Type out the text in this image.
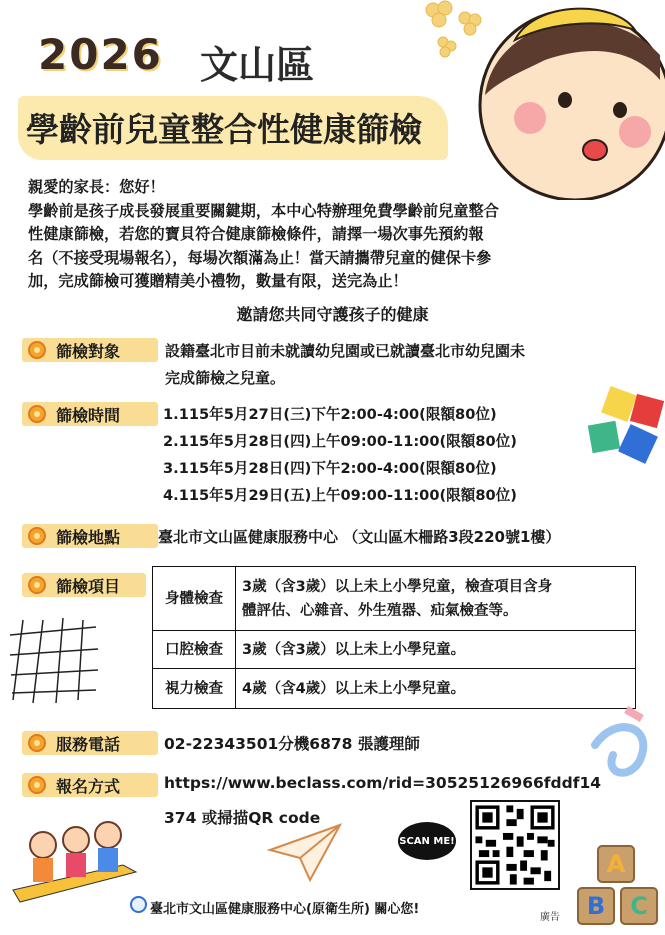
2026 文山區
學齡前兒童整合性健康篩檢
親愛的家長：您好！
學齡前是孩子成長發展重要關鍵期，本中心特辦理免費學齡前兒童整合
性健康篩檢，若您的寶貝符合健康篩檢條件，請擇一場次事先預約報
名（不接受現場報名），每場次額滿為止！當天請攜帶兒童的健保卡參
加，完成篩檢可獲贈精美小禮物，數量有限，送完為止！
邀請您共同守護孩子的健康
篩檢對象	設籍臺北市目前未就讀幼兒園或已就讀臺北市幼兒園未
完成篩檢之兒童。
篩檢時間	1.115年5月27日(三)下午2:00-4:00(限額80位)
2.115年5月28日(四)上午09:00-11:00(限額80位)
3.115年5月28日(四)下午2:00-4:00(限額80位)
4.115年5月29日(五)上午09:00-11:00(限額80位)
篩檢地點	臺北市文山區健康服務中心 （文山區木柵路3段220號1樓）
篩檢項目
身體檢查	3歲（含3歲）以上未上小學兒童，檢查項目含身
體評估、心雜音、外生殖器、疝氣檢查等。

口腔檢查	3歲（含3歲）以上未上小學兒童。
視力檢查	4歲（含4歲）以上未上小學兒童。
服務電話	02-22343501分機6878 張護理師
報名方式	https://www.beclass.com/rid=30525126966fddf14
374 或掃描QR code
SCAN ME!
A
B	C
臺北市文山區健康服務中心(原衛生所) 關心您!
廣告
